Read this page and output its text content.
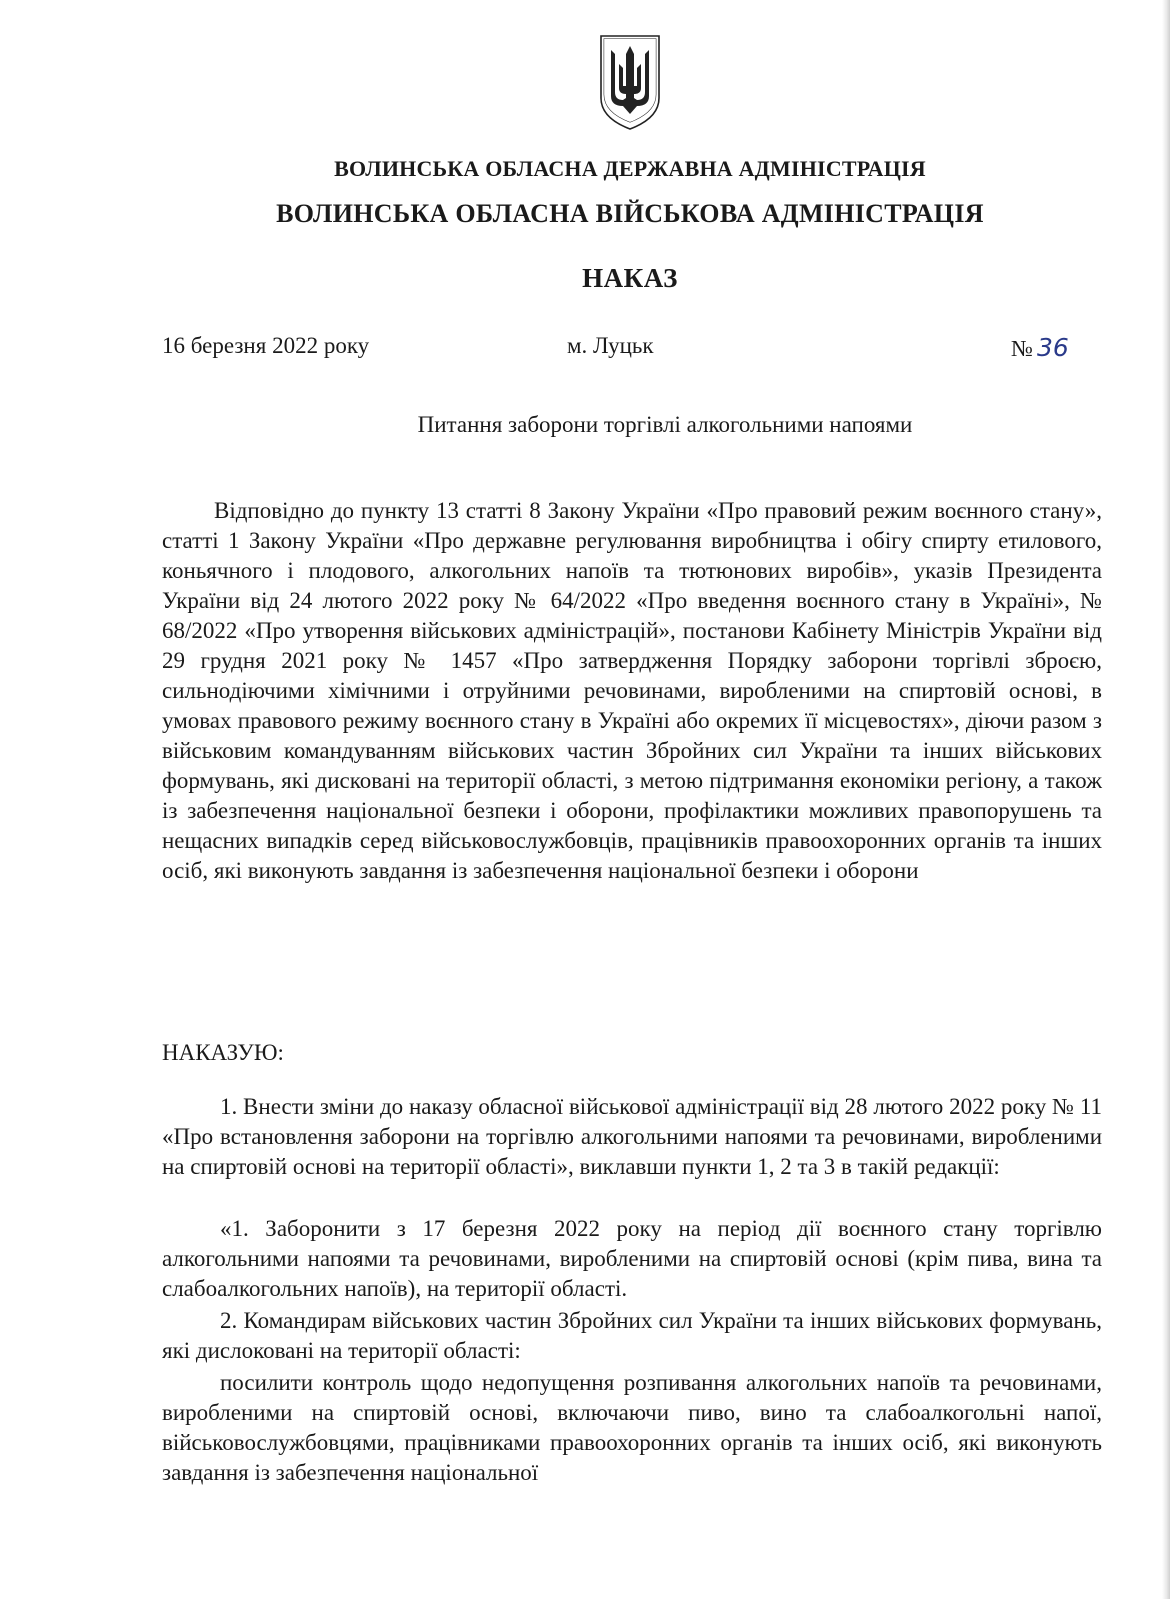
ВОЛИНСЬКА ОБЛАСНА ДЕРЖАВНА АДМІНІСТРАЦІЯ
ВОЛИНСЬКА ОБЛАСНА ВІЙСЬКОВА АДМІНІСТРАЦІЯ
НАКАЗ
16 березня 2022 року	м. Луцьк	№ 36
Питання заборони торгівлі алкогольними напоями
Відповідно до пункту 13 статті 8 Закону України «Про правовий режим воєнного стану», статті 1 Закону України «Про державне регулювання виробництва і обігу спирту етилового, коньячного і плодового, алкогольних напоїв та тютюнових виробів», указів Президента України від 24 лютого 2022 року № 64/2022 «Про введення воєнного стану в Україні», № 68/2022 «Про утворення військових адміністрацій», постанови Кабінету Міністрів України від 29 грудня 2021 року № 1457 «Про затвердження Порядку заборони торгівлі зброєю, сильнодіючими хімічними і отруйними речовинами, виробленими на спиртовій основі, в умовах правового режиму воєнного стану в Україні або окремих її місцевостях», діючи разом з військовим командуванням військових частин Збройних сил України та інших військових формувань, які дисковані на території області, з метою підтримання економіки регіону, а також із забезпечення національної безпеки і оборони, профілактики можливих правопорушень та нещасних випадків серед військовослужбовців, працівників правоохоронних органів та інших осіб, які виконують завдання із забезпечення національної безпеки і оборони
НАКАЗУЮ:
1. Внести зміни до наказу обласної військової адміністрації від 28 лютого 2022 року № 11 «Про встановлення заборони на торгівлю алкогольними напоями та речовинами, виробленими на спиртовій основі на території області», виклавши пункти 1, 2 та 3 в такій редакції:
«1. Заборонити з 17 березня 2022 року на період дії воєнного стану торгівлю алкогольними напоями та речовинами, виробленими на спиртовій основі (крім пива, вина та слабоалкогольних напоїв), на території області.
2. Командирам військових частин Збройних сил України та інших військових формувань, які дислоковані на території області:
посилити контроль щодо недопущення розпивання алкогольних напоїв та речовинами, виробленими на спиртовій основі, включаючи пиво, вино та слабоалкогольні напої, військовослужбовцями, працівниками правоохоронних органів та інших осіб, які виконують завдання із забезпечення національної
